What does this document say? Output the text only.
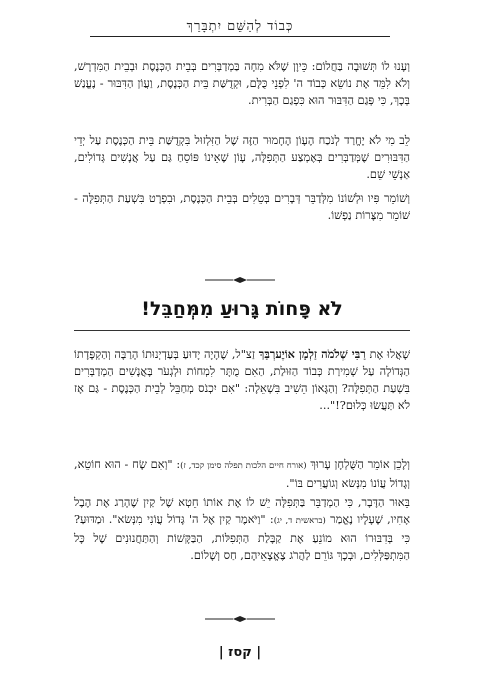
כְּבוֹד לְהַשֵּׁם יִתְבָּרַךְ

וְעָנוּ לוֹ תְּשׁוּבָה בַּחֲלוֹם: כֵּיוָן שֶׁלֹּא מִחָה בַּמְדַבְּרִים בְּבֵית הַכְּנֶסֶת וּבְבֵית הַמִּדְרָשׁ, וְלֹא לִמֵּד אֶת נוֹשֵׂא כְּבוֹד ה' לִפְנֵי כֻּלָּם, וּקְדֻשַּׁת בֵּית הַכְּנֶסֶת, וַעֲוֹן הַדִּבּוּר - נֶעֱנַשׁ בְּכָךְ, כִּי פְּגַם הַדִּבּוּר הוּא כִּפְגַם הַבְּרִית.

לֵב מִי לֹא יֶחֱרַד לְנֹכַח הֶעָוֹן הֶחָמוּר הַזֶּה שֶׁל הַזִּלְזוּל בִּקְדֻשַּׁת בֵּית הַכְּנֶסֶת עַל יְדֵי הַדִּבּוּרִים שֶׁמְּדַבְּרִים בְּאֶמְצַע הַתְּפִלָּה, עָוֹן שֶׁאֵינוֹ פּוֹסֵחַ גַּם עַל אֲנָשִׁים גְּדוֹלִים, אַנְשֵׁי שֵׁם.

וְשׁוֹמֵר פִּיו וּלְשׁוֹנוֹ מִלְּדַבֵּר דְּבָרִים בְּטֵלִים בְּבֵית הַכְּנֶסֶת, וּבִפְרָט בִּשְׁעַת הַתְּפִלָּה - שׁוֹמֵר מִצָּרוֹת נַפְשׁוֹ.

לֹא פָּחוֹת גָּרוּעַ מִמְּחַבֵּל!

שָׁאֲלוּ אֶת רַבִּי שְׁלֹמֹה זַלְמָן אוֹיֶערְבַּךְ זַצ"ל, שֶׁהָיָה יָדוּעַ בְּעַדְיְנוּתוֹ הָרַבָּה וְהַקְפָּדָתוֹ הַגְּדוֹלָה עַל שְׁמִירַת כְּבוֹד הַזּוּלַת, הַאִם מֻתָּר לִמְחוֹת וּלְגְעֹר בָּאֲנָשִׁים הַמְדַבְּרִים בִּשְׁעַת הַתְּפִלָּה? וְהַגָּאוֹן הֵשִׁיב בִּשְׁאֵלָה: "אִם יִכְנֹס מְחַבֵּל לְבֵית הַכְּנֶסֶת - גַּם אָז לֹא תַּעֲשׂוּ כְּלוּם?!"...

וְלָכֵן אוֹמֵר הַשֻּׁלְחָן עָרוּךְ (אורח חיים הלכות תפלה סימן קכד, ז): "וְאִם שָׂח - הוּא חוֹטֵא, וְגָדוֹל עֲוֹנוֹ מִנְּשׂא וְגוֹעֲרִים בּוֹ".

בֵּאוּר הַדָּבָר, כִּי הַמְדַבֵּר בַּתְּפִלָּה יֵשׁ לוֹ אֶת אוֹתוֹ חֵטְא שֶׁל קַיִן שֶׁהָרַג אֶת הֶבֶל אָחִיו, שֶׁעָלָיו נֶאֱמַר (בראשית ד, יג): "וַיֹּאמֶר קַיִן אֶל ה' גָּדוֹל עֲוֹנִי מִנְּשׂא". וּמַדּוּעַ? כִּי בְּדִבּוּרוֹ הוּא מוֹנֵעַ אֶת קַבָּלַת הַתְּפִלּוֹת, הַבַּקָּשׁוֹת וְהַתַּחֲנוּנִים שֶׁל כָּל הַמִּתְפַּלְּלִים, וּבְכָךְ גּוֹרֵם לַהֲרֹג צֶאֱצָאֵיהֶם, חַס וְשָׁלוֹם.

| קסז |
